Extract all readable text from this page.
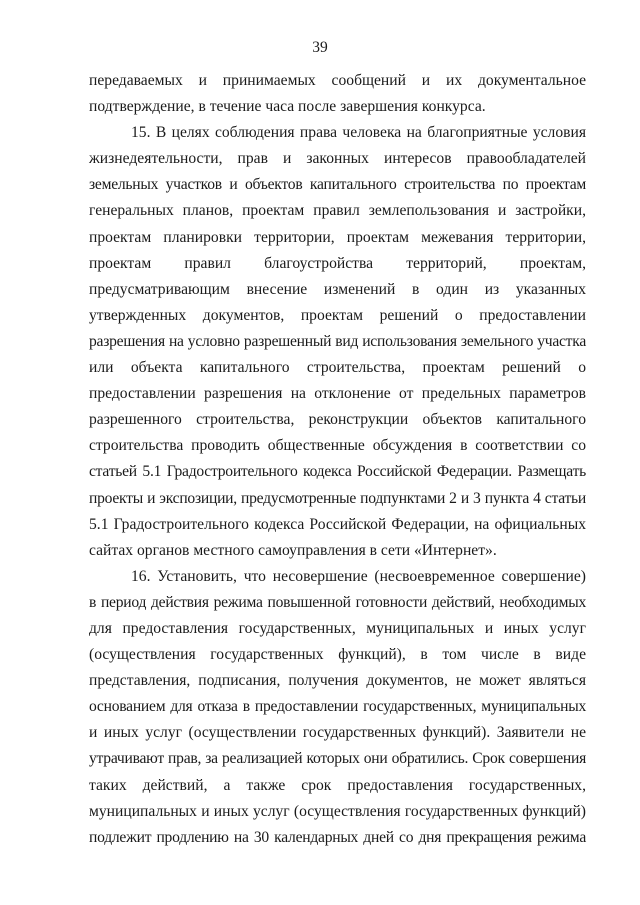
39
передаваемых и принимаемых сообщений и их документальное
подтверждение, в течение часа после завершения конкурса.
15. В целях соблюдения права человека на благоприятные условия
жизнедеятельности, прав и законных интересов правообладателей
земельных участков и объектов капитального строительства по проектам
генеральных планов, проектам правил землепользования и застройки,
проектам планировки территории, проектам межевания территории,
проектам правил благоустройства территорий, проектам,
предусматривающим внесение изменений в один из указанных
утвержденных документов, проектам решений о предоставлении
разрешения на условно разрешенный вид использования земельного участка
или объекта капитального строительства, проектам решений о
предоставлении разрешения на отклонение от предельных параметров
разрешенного строительства, реконструкции объектов капитального
строительства проводить общественные обсуждения в соответствии со
статьей 5.1 Градостроительного кодекса Российской Федерации. Размещать
проекты и экспозиции, предусмотренные подпунктами 2 и 3 пункта 4 статьи
5.1 Градостроительного кодекса Российской Федерации, на официальных
сайтах органов местного самоуправления в сети «Интернет».
16. Установить, что несовершение (несвоевременное совершение)
в период действия режима повышенной готовности действий, необходимых
для предоставления государственных, муниципальных и иных услуг
(осуществления государственных функций), в том числе в виде
представления, подписания, получения документов, не может являться
основанием для отказа в предоставлении государственных, муниципальных
и иных услуг (осуществлении государственных функций). Заявители не
утрачивают прав, за реализацией которых они обратились. Срок совершения
таких действий, а также срок предоставления государственных,
муниципальных и иных услуг (осуществления государственных функций)
подлежит продлению на 30 календарных дней со дня прекращения режима
